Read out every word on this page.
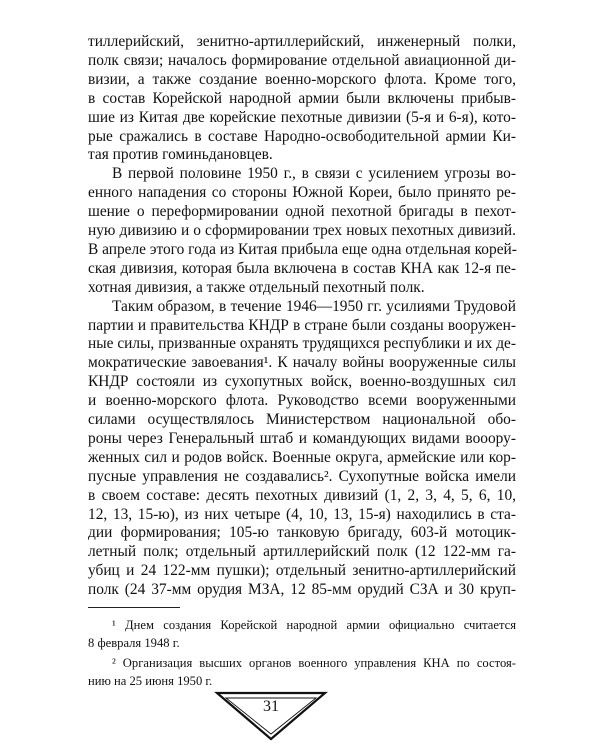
тиллерийский, зенитно-артиллерийский, инженерный полки,
полк связи; началось формирование отдельной авиационной ди-
визии, а также создание военно-морского флота. Кроме того,
в состав Корейской народной армии были включены прибыв-
шие из Китая две корейские пехотные дивизии (5-я и 6-я), кото-
рые сражались в составе Народно-освободительной армии Ки-
тая против гоминьдановцев.
В первой половине 1950 г., в связи с усилением угрозы во-
енного нападения со стороны Южной Кореи, было принято ре-
шение о переформировании одной пехотной бригады в пехот-
ную дивизию и о сформировании трех новых пехотных дивизий.
В апреле этого года из Китая прибыла еще одна отдельная корей-
ская дивизия, которая была включена в состав КНА как 12-я пе-
хотная дивизия, а также отдельный пехотный полк.
Таким образом, в течение 1946—1950 гг. усилиями Трудовой
партии и правительства КНДР в стране были созданы вооружен-
ные силы, призванные охранять трудящихся республики и их де-
мократические завоевания¹. К началу войны вооруженные силы
КНДР состояли из сухопутных войск, военно-воздушных сил
и военно-морского флота. Руководство всеми вооруженными
силами осуществлялось Министерством национальной обо-
роны через Генеральный штаб и командующих видами вооору-
женных сил и родов войск. Военные округа, армейские или кор-
пусные управления не создавались². Сухопутные войска имели
в своем составе: десять пехотных дивизий (1, 2, 3, 4, 5, 6, 10,
12, 13, 15-ю), из них четыре (4, 10, 13, 15-я) находились в ста-
дии формирования; 105-ю танковую бригаду, 603-й мотоцик-
летный полк; отдельный артиллерийский полк (12 122-мм га-
убиц и 24 122-мм пушки); отдельный зенитно-артиллерийский
полк (24 37-мм орудия МЗА, 12 85-мм орудий СЗА и 30 круп-
¹ Днем создания Корейской народной армии официально считается
8 февраля 1948 г.
² Организация высших органов военного управления КНА по состоя-
нию на 25 июня 1950 г.
31
